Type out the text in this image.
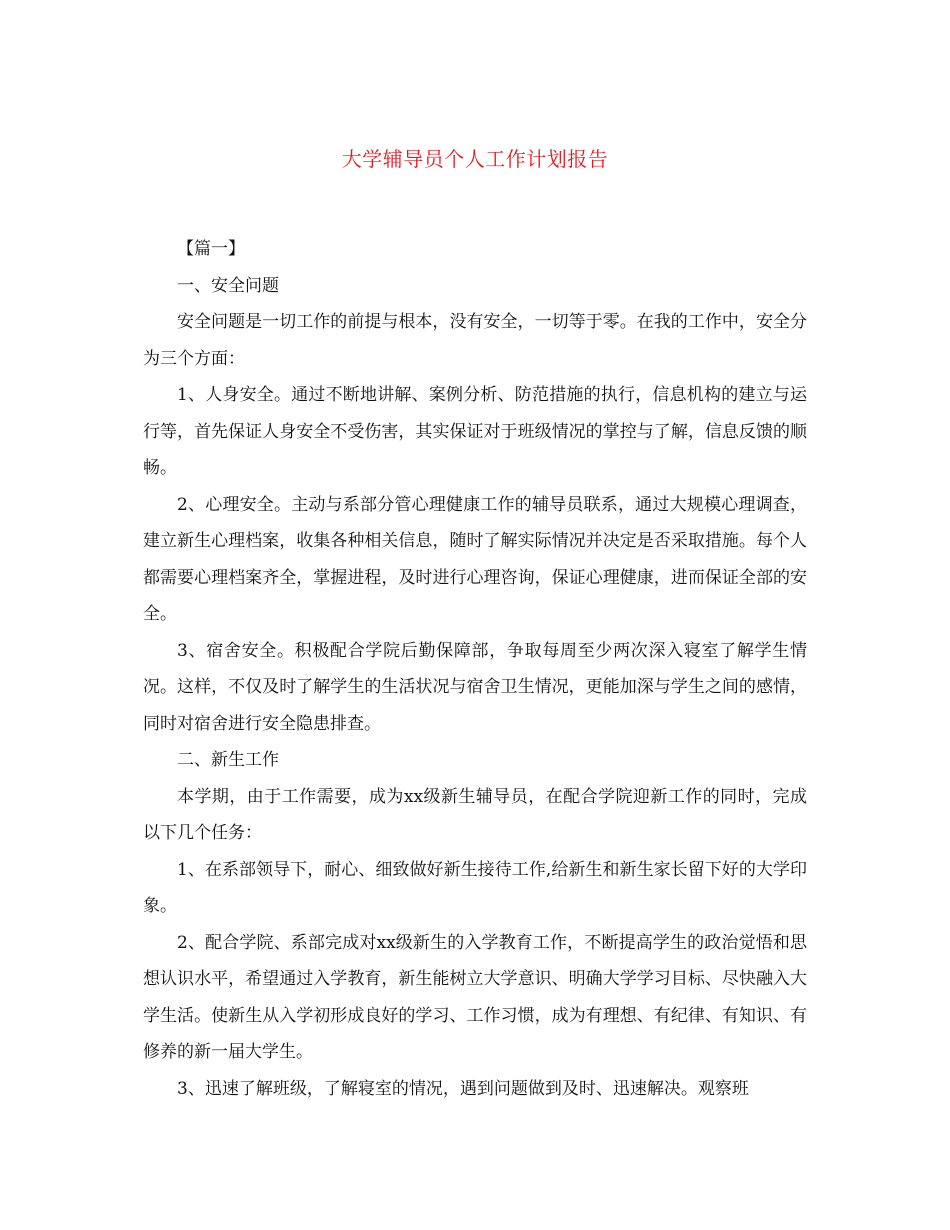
大学辅导员个人工作计划报告

【篇一】

一、安全问题

安全问题是一切工作的前提与根本，没有安全，一切等于零。在我的工作中，安全分为三个方面：

1、人身安全。通过不断地讲解、案例分析、防范措施的执行，信息机构的建立与运行等，首先保证人身安全不受伤害，其实保证对于班级情况的掌控与了解，信息反馈的顺畅。

2、心理安全。主动与系部分管心理健康工作的辅导员联系，通过大规模心理调查，建立新生心理档案，收集各种相关信息，随时了解实际情况并决定是否采取措施。每个人都需要心理档案齐全，掌握进程，及时进行心理咨询，保证心理健康，进而保证全部的安全。

3、宿舍安全。积极配合学院后勤保障部，争取每周至少两次深入寝室了解学生情况。这样，不仅及时了解学生的生活状况与宿舍卫生情况，更能加深与学生之间的感情，同时对宿舍进行安全隐患排查。

二、新生工作

本学期，由于工作需要，成为xx级新生辅导员，在配合学院迎新工作的同时，完成以下几个任务：

1、在系部领导下，耐心、细致做好新生接待工作,给新生和新生家长留下好的大学印象。

2、配合学院、系部完成对xx级新生的入学教育工作，不断提高学生的政治觉悟和思想认识水平，希望通过入学教育，新生能树立大学意识、明确大学学习目标、尽快融入大学生活。使新生从入学初形成良好的学习、工作习惯，成为有理想、有纪律、有知识、有修养的新一届大学生。

3、迅速了解班级，了解寝室的情况，遇到问题做到及时、迅速解决。观察班
